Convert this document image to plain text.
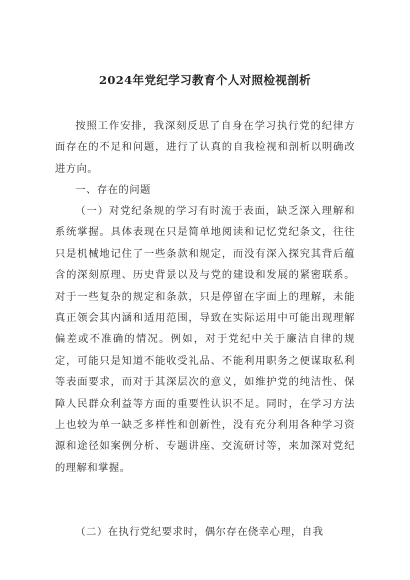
2024年党纪学习教育个人对照检视剖析

按照工作安排，我深刻反思了自身在学习执行党的纪律方面存在的不足和问题，进行了认真的自我检视和剖析以明确改进方向。

一、存在的问题

（一）对党纪条规的学习有时流于表面，缺乏深入理解和系统掌握。具体表现在只是简单地阅读和记忆党纪条文，往往只是机械地记住了一些条款和规定，而没有深入探究其背后蕴含的深刻原理、历史背景以及与党的建设和发展的紧密联系。对于一些复杂的规定和条款，只是停留在字面上的理解，未能真正领会其内涵和适用范围，导致在实际运用中可能出现理解偏差或不准确的情况。例如，对于党纪中关于廉洁自律的规定，可能只是知道不能收受礼品、不能利用职务之便谋取私利等表面要求，而对于其深层次的意义，如维护党的纯洁性、保障人民群众利益等方面的重要性认识不足。同时，在学习方法上也较为单一缺乏多样性和创新性，没有充分利用各种学习资源和途径如案例分析、专题讲座、交流研讨等，来加深对党纪的理解和掌握。

（二）在执行党纪要求时，偶尔存在侥幸心理，自我
